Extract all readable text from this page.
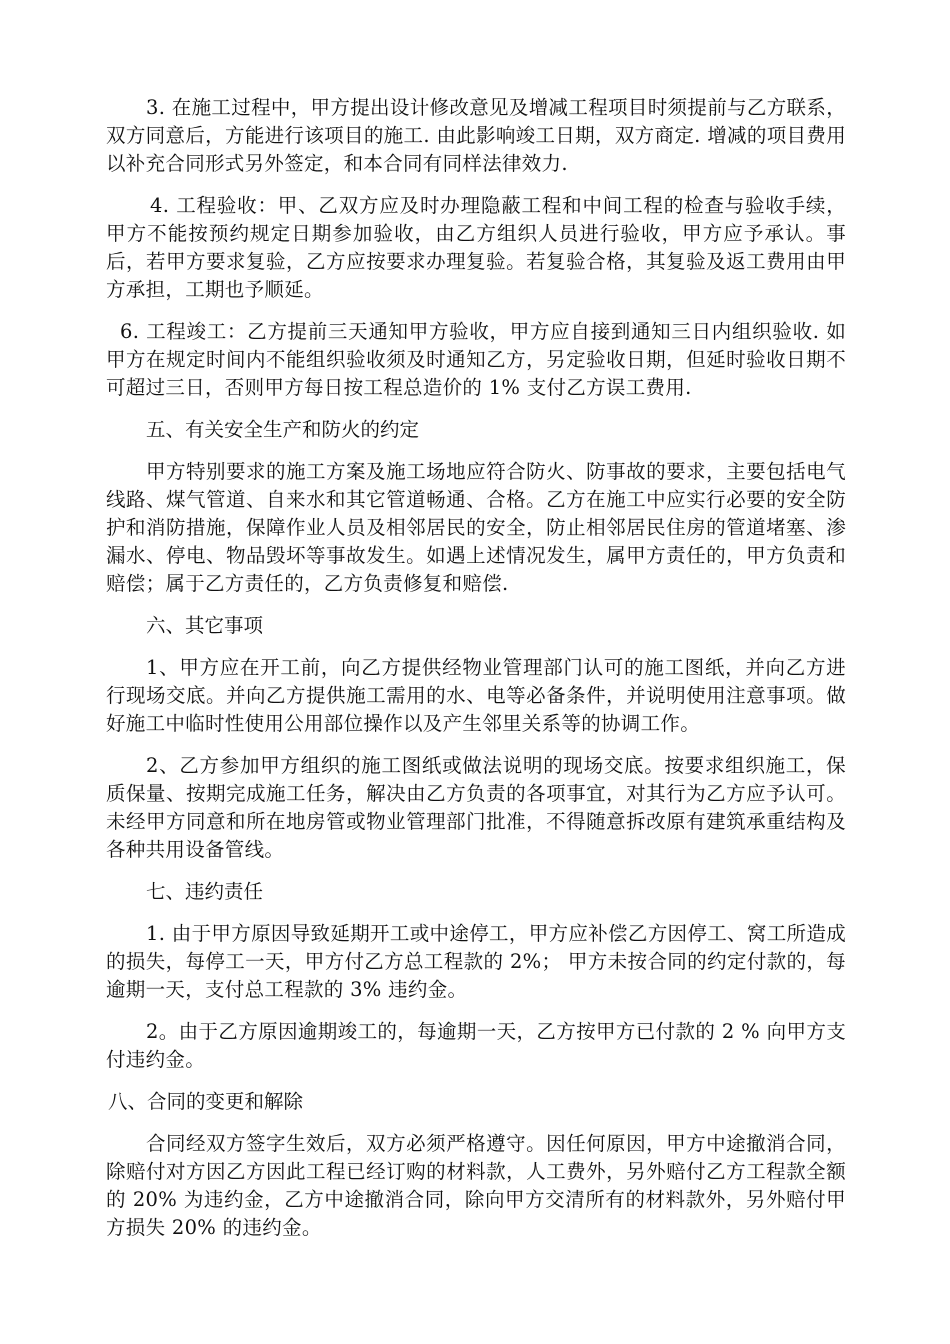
3. 在施工过程中，甲方提出设计修改意见及增减工程项目时须提前与乙方联系，双方同意后，方能进行该项目的施工. 由此影响竣工日期，双方商定. 增减的项目费用以补充合同形式另外签定，和本合同有同样法律效力.

4. 工程验收：甲、乙双方应及时办理隐蔽工程和中间工程的检查与验收手续，甲方不能按预约规定日期参加验收，由乙方组织人员进行验收，甲方应予承认。事后，若甲方要求复验，乙方应按要求办理复验。若复验合格，其复验及返工费用由甲方承担，工期也予顺延。

6. 工程竣工：乙方提前三天通知甲方验收，甲方应自接到通知三日内组织验收. 如甲方在规定时间内不能组织验收须及时通知乙方，另定验收日期，但延时验收日期不可超过三日，否则甲方每日按工程总造价的 1% 支付乙方误工费用.

五、有关安全生产和防火的约定

甲方特别要求的施工方案及施工场地应符合防火、防事故的要求，主要包括电气线路、煤气管道、自来水和其它管道畅通、合格。乙方在施工中应实行必要的安全防护和消防措施，保障作业人员及相邻居民的安全，防止相邻居民住房的管道堵塞、渗漏水、停电、物品毁坏等事故发生。如遇上述情况发生，属甲方责任的，甲方负责和赔偿；属于乙方责任的，乙方负责修复和赔偿.

六、其它事项

1、甲方应在开工前，向乙方提供经物业管理部门认可的施工图纸，并向乙方进行现场交底。并向乙方提供施工需用的水、电等必备条件，并说明使用注意事项。做好施工中临时性使用公用部位操作以及产生邻里关系等的协调工作。

2、乙方参加甲方组织的施工图纸或做法说明的现场交底。按要求组织施工，保质保量、按期完成施工任务，解决由乙方负责的各项事宜，对其行为乙方应予认可。未经甲方同意和所在地房管或物业管理部门批准，不得随意拆改原有建筑承重结构及各种共用设备管线。

七、违约责任

1. 由于甲方原因导致延期开工或中途停工，甲方应补偿乙方因停工、窝工所造成的损失，每停工一天，甲方付乙方总工程款的 2%； 甲方未按合同的约定付款的，每逾期一天，支付总工程款的 3% 违约金。

2。由于乙方原因逾期竣工的，每逾期一天，乙方按甲方已付款的 2 % 向甲方支付违约金。

八、合同的变更和解除

合同经双方签字生效后，双方必须严格遵守。因任何原因，甲方中途撤消合同，除赔付对方因乙方因此工程已经订购的材料款，人工费外，另外赔付乙方工程款全额的 20% 为违约金，乙方中途撤消合同，除向甲方交清所有的材料款外，另外赔付甲方损失 20% 的违约金。
